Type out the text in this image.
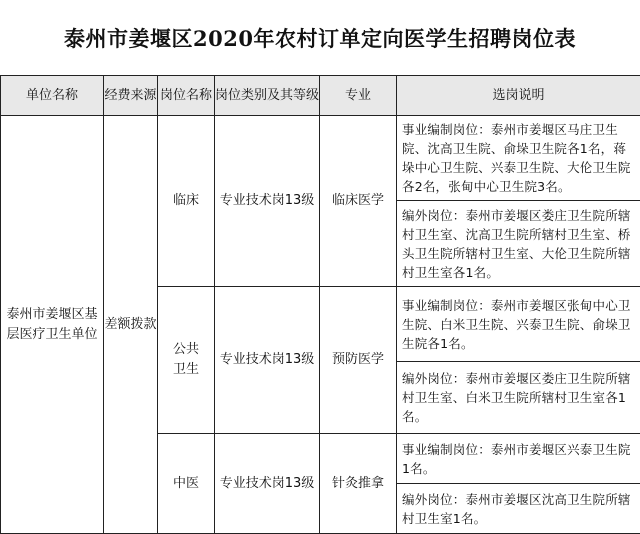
泰州市姜堰区2020年农村订单定向医学生招聘岗位表
单位名称	经费来源	岗位名称	岗位类别及其等级	专业	选岗说明
泰州市姜堰区基层医疗卫生单位	差额拨款	临床	专业技术岗13级	临床医学	事业编制岗位：泰州市姜堰区马庄卫生院、沈高卫生院、俞垛卫生院各1名，蒋垛中心卫生院、兴泰卫生院、大伦卫生院各2名，张甸中心卫生院3名。
					编外岗位：泰州市姜堰区娄庄卫生院所辖村卫生室、沈高卫生院所辖村卫生室、桥头卫生院所辖村卫生室、大伦卫生院所辖村卫生室各1名。
		公共卫生	专业技术岗13级	预防医学	事业编制岗位：泰州市姜堰区张甸中心卫生院、白米卫生院、兴泰卫生院、俞垛卫生院各1名。
					编外岗位：泰州市姜堰区娄庄卫生院所辖村卫生室、白米卫生院所辖村卫生室各1名。
		中医	专业技术岗13级	针灸推拿	事业编制岗位：泰州市姜堰区兴泰卫生院1名。
					编外岗位：泰州市姜堰区沈高卫生院所辖村卫生室1名。
